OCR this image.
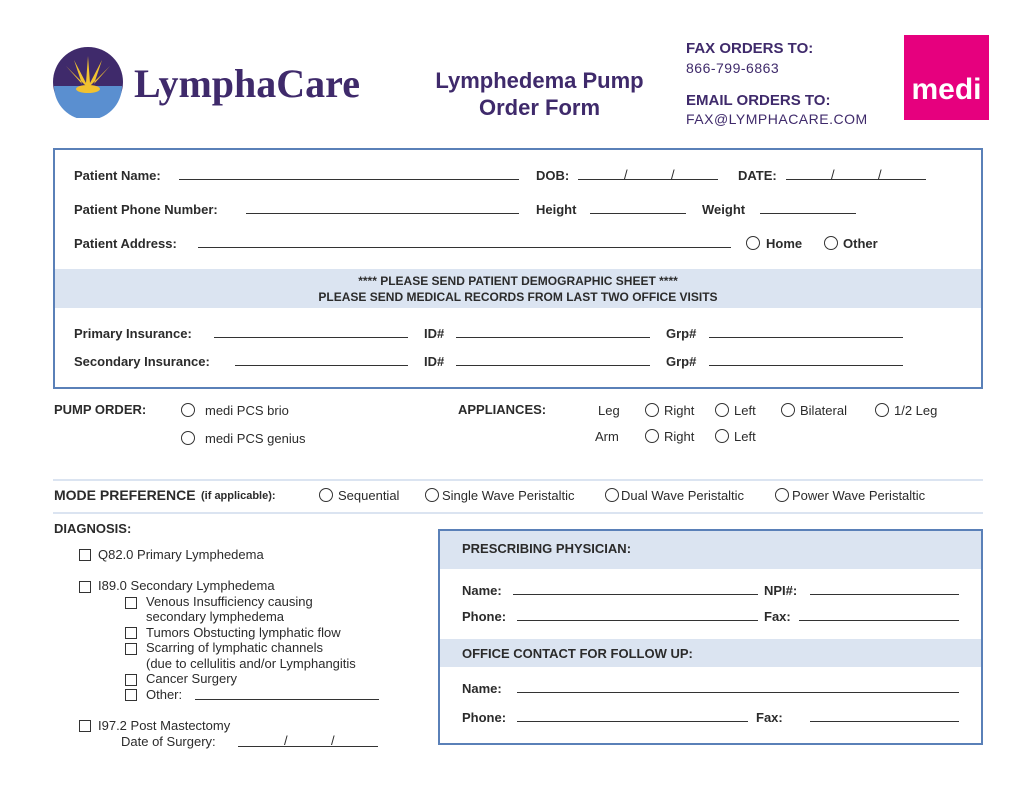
LymphaCare	Lymphedema Pump
Order Form
FAX ORDERS TO:
866-799-6863
EMAIL ORDERS TO:
FAX@LYMPHACARE.COM
medi
Patient Name:	DOB:	/	/	DATE:	/	/
Patient Phone Number:	Height	Weight
Patient Address:	Home	Other
**** PLEASE SEND PATIENT DEMOGRAPHIC SHEET ****
PLEASE SEND MEDICAL RECORDS FROM LAST TWO OFFICE VISITS
Primary Insurance:	ID#	Grp#
Secondary Insurance:	ID#	Grp#
PUMP ORDER:	medi PCS brio
medi PCS genius
APPLIANCES:	Leg	Right	Left	Bilateral	1/2 Leg
Arm	Right	Left
MODE PREFERENCE (if applicable):	Sequential	Single Wave Peristaltic	Dual Wave Peristaltic	Power Wave Peristaltic
DIAGNOSIS:
Q82.0 Primary Lymphedema
I89.0 Secondary Lymphedema
Venous Insufficiency causing
secondary lymphedema
Tumors Obstucting lymphatic flow
Scarring of lymphatic channels
(due to cellulitis and/or Lymphangitis
Cancer Surgery
Other:
I97.2 Post Mastectomy
Date of Surgery:	/	/
PRESCRIBING PHYSICIAN:
Name:	NPI#:
Phone:	Fax:
OFFICE CONTACT FOR FOLLOW UP:
Name:
Phone:	Fax:
